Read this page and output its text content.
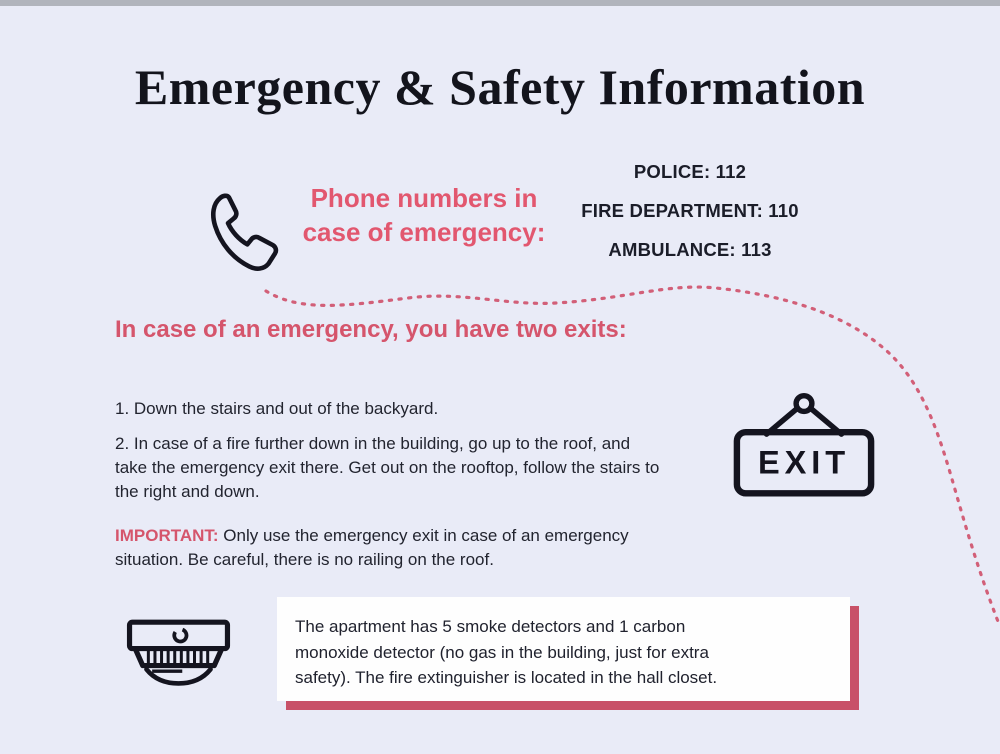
Emergency & Safety Information
Phone numbers in case of emergency:
POLICE: 112
FIRE DEPARTMENT: 110
AMBULANCE: 113
In case of an emergency, you have two exits:
1. Down the stairs and out of the backyard.
2. In case of a fire further down in the building, go up to the roof, and take the emergency exit there. Get out on the rooftop, follow the stairs to the right and down.
IMPORTANT: Only use the emergency exit in case of an emergency situation. Be careful, there is no railing on the roof.
EXIT

The apartment has 5 smoke detectors and 1 carbon monoxide detector (no gas in the building, just for extra safety). The fire extinguisher is located in the hall closet.
